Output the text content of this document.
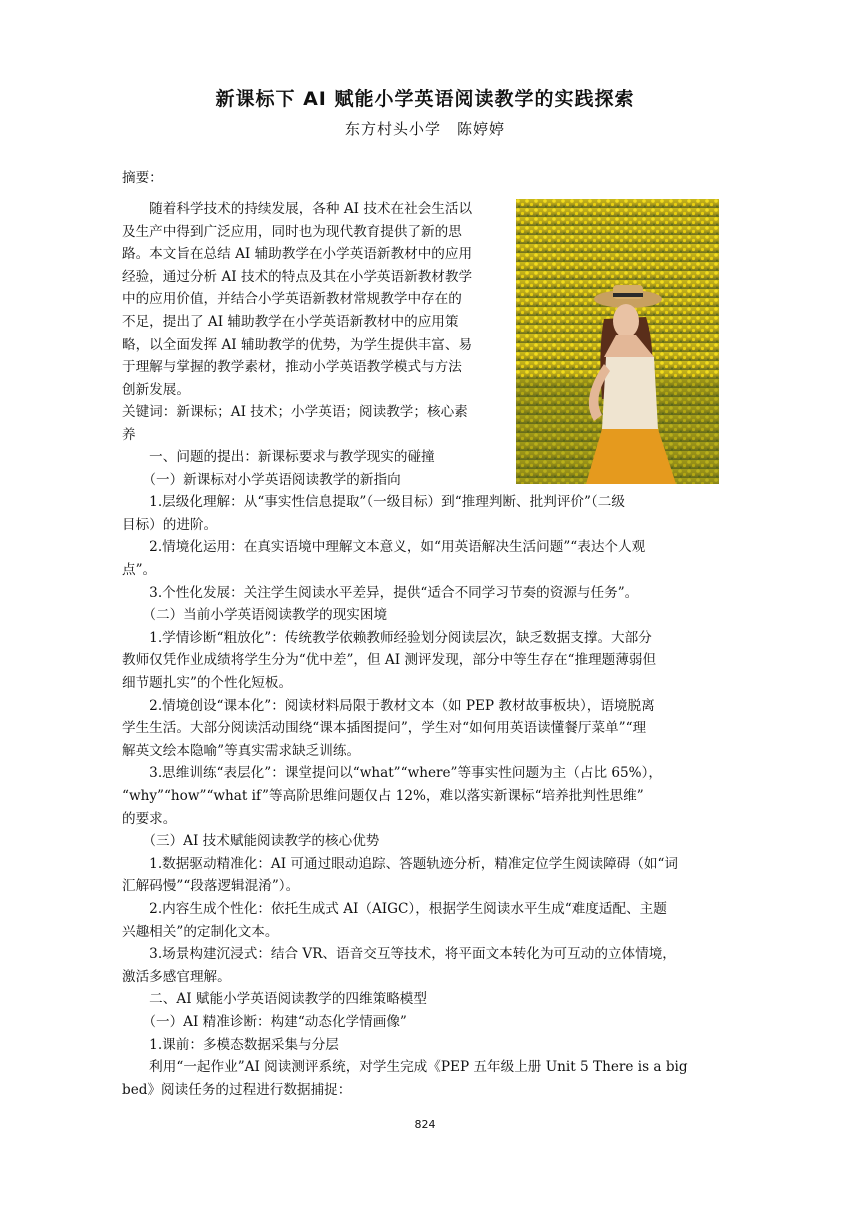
新课标下 AI 赋能小学英语阅读教学的实践探索
东方村头小学　陈婷婷
摘要：
　　随着科学技术的持续发展，各种 AI 技术在社会生活以
及生产中得到广泛应用，同时也为现代教育提供了新的思
路。本文旨在总结 AI 辅助教学在小学英语新教材中的应用
经验，通过分析 AI 技术的特点及其在小学英语新教材教学
中的应用价值，并结合小学英语新教材常规教学中存在的
不足，提出了 AI 辅助教学在小学英语新教材中的应用策
略，以全面发挥 AI 辅助教学的优势，为学生提供丰富、易
于理解与掌握的教学素材，推动小学英语教学模式与方法
创新发展。
关键词：新课标；AI 技术；小学英语；阅读教学；核心素
养
　　一、问题的提出：新课标要求与教学现实的碰撞
　　（一）新课标对小学英语阅读教学的新指向
　　1.层级化理解：从“事实性信息提取”（一级目标）到“推理判断、批判评价”（二级
目标）的进阶。
　　2.情境化运用：在真实语境中理解文本意义，如“用英语解决生活问题”“表达个人观
点”。
　　3.个性化发展：关注学生阅读水平差异，提供“适合不同学习节奏的资源与任务”。
　　（二）当前小学英语阅读教学的现实困境
　　1.学情诊断“粗放化”：传统教学依赖教师经验划分阅读层次，缺乏数据支撑。大部分
教师仅凭作业成绩将学生分为“优中差”，但 AI 测评发现，部分中等生存在“推理题薄弱但
细节题扎实”的个性化短板。
　　2.情境创设“课本化”：阅读材料局限于教材文本（如 PEP 教材故事板块），语境脱离
学生生活。大部分阅读活动围绕“课本插图提问”，学生对“如何用英语读懂餐厅菜单”“理
解英文绘本隐喻”等真实需求缺乏训练。
　　3.思维训练“表层化”：课堂提问以“what”“where”等事实性问题为主（占比 65%），
“why”“how”“what if”等高阶思维问题仅占 12%，难以落实新课标“培养批判性思维”
的要求。
　　（三）AI 技术赋能阅读教学的核心优势
　　1.数据驱动精准化：AI 可通过眼动追踪、答题轨迹分析，精准定位学生阅读障碍（如“词
汇解码慢”“段落逻辑混淆”）。
　　2.内容生成个性化：依托生成式 AI（AIGC），根据学生阅读水平生成“难度适配、主题
兴趣相关”的定制化文本。
　　3.场景构建沉浸式：结合 VR、语音交互等技术，将平面文本转化为可互动的立体情境，
激活多感官理解。
　　二、AI 赋能小学英语阅读教学的四维策略模型
　　（一）AI 精准诊断：构建“动态化学情画像”
　　1.课前：多模态数据采集与分层
　　利用“一起作业”AI 阅读测评系统，对学生完成《PEP 五年级上册 Unit 5 There is a big
bed》阅读任务的过程进行数据捕捉：
824
